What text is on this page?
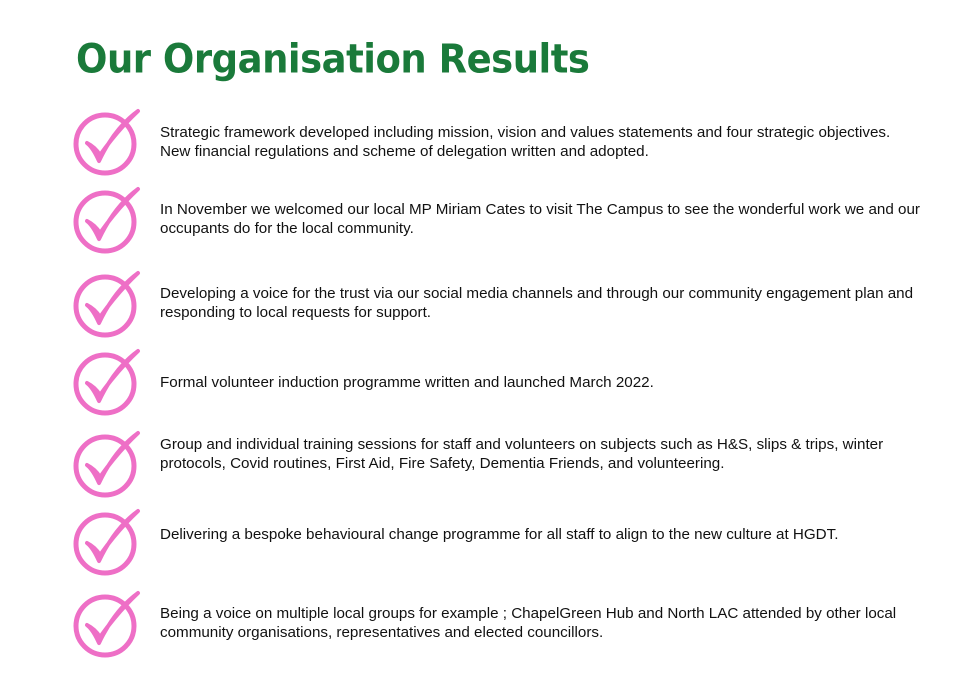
Our Organisation Results
Strategic framework developed including mission, vision and values statements and four strategic objectives. New financial regulations and scheme of delegation written and adopted.
In November we welcomed our local MP Miriam Cates to visit The Campus to see the wonderful work we and our occupants do for the local community.
Developing a voice for the trust via our social media channels and through our community engagement plan and responding to local requests for support.
Formal volunteer induction programme written and launched March 2022.
Group and individual training sessions for staff and volunteers on subjects such as H&S, slips & trips, winter protocols, Covid routines, First Aid, Fire Safety, Dementia Friends, and volunteering.
Delivering a bespoke behavioural change programme for all staff to align to the new culture at HGDT.
Being a voice on multiple local groups for example ; ChapelGreen Hub and North LAC attended by other local community organisations, representatives and elected councillors.
